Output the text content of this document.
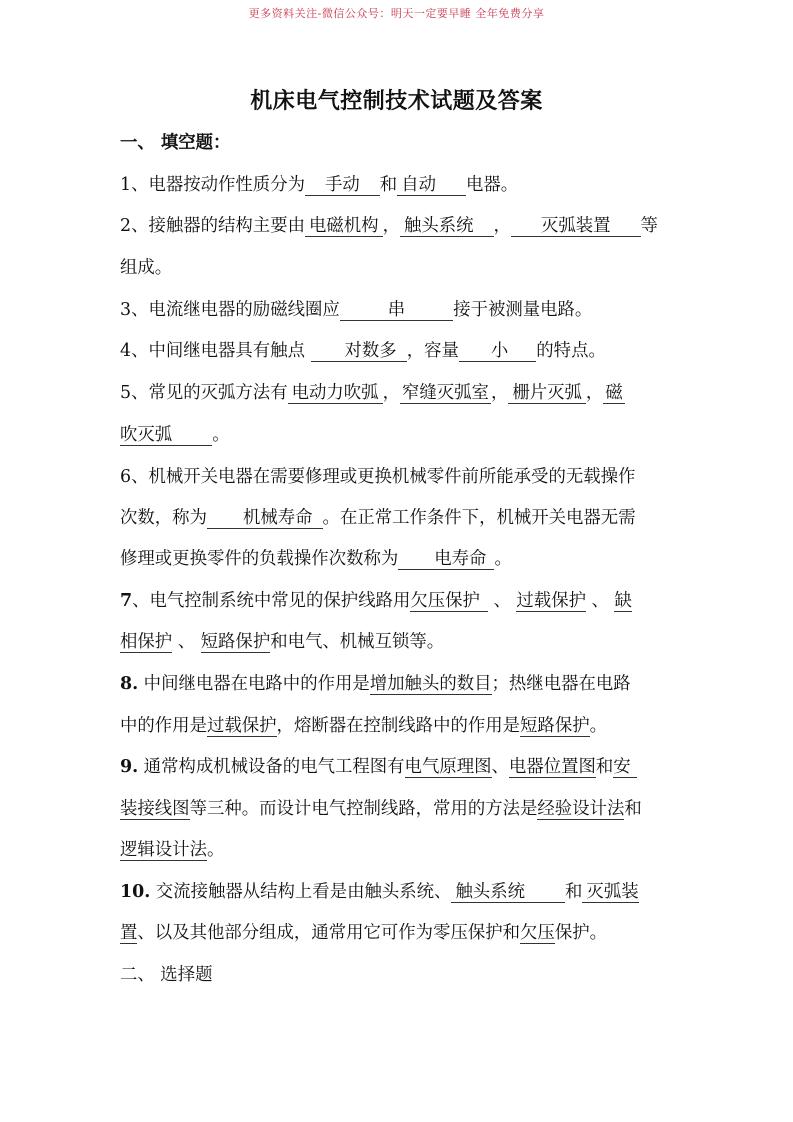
更多资料关注-微信公众号：明天一定要早睡 全年免费分享
机床电气控制技术试题及答案
一、 填空题：
1、电器按动作性质分为 手动 和 自动 电器。
2、接触器的结构主要由 电磁机构 ， 触头系统 ， 灭弧装置 等
组成。
3、电流继电器的励磁线圈应	串	接于被测量电路。
4、中间继电器具有触点 对数多 ，容量 小 的特点。
5、常见的灭弧方法有 电动力吹弧 ， 窄缝灭弧室 ， 栅片灭弧 ， 磁
吹灭弧 。
6、机械开关电器在需要修理或更换机械零件前所能承受的无载操作
次数，称为 机械寿命 。在正常工作条件下，机械开关电器无需
修理或更换零件的负载操作次数称为 电寿命 。
7、电气控制系统中常见的保护线路用欠压保护 、 过载保护 、 缺
相保护 、 短路保护和电气、机械互锁等。
8. 中间继电器在电路中的作用是增加触头的数目；热继电器在电路
中的作用是过载保护，熔断器在控制线路中的作用是短路保护。
9. 通常构成机械设备的电气工程图有电气原理图、电器位置图和安
装接线图等三种。而设计电气控制线路，常用的方法是经验设计法和
逻辑设计法。
10. 交流接触器从结构上看是由触头系统、 触头系统 和 灭弧装
置、以及其他部分组成，通常用它可作为零压保护和欠压保护。
二、 选择题
